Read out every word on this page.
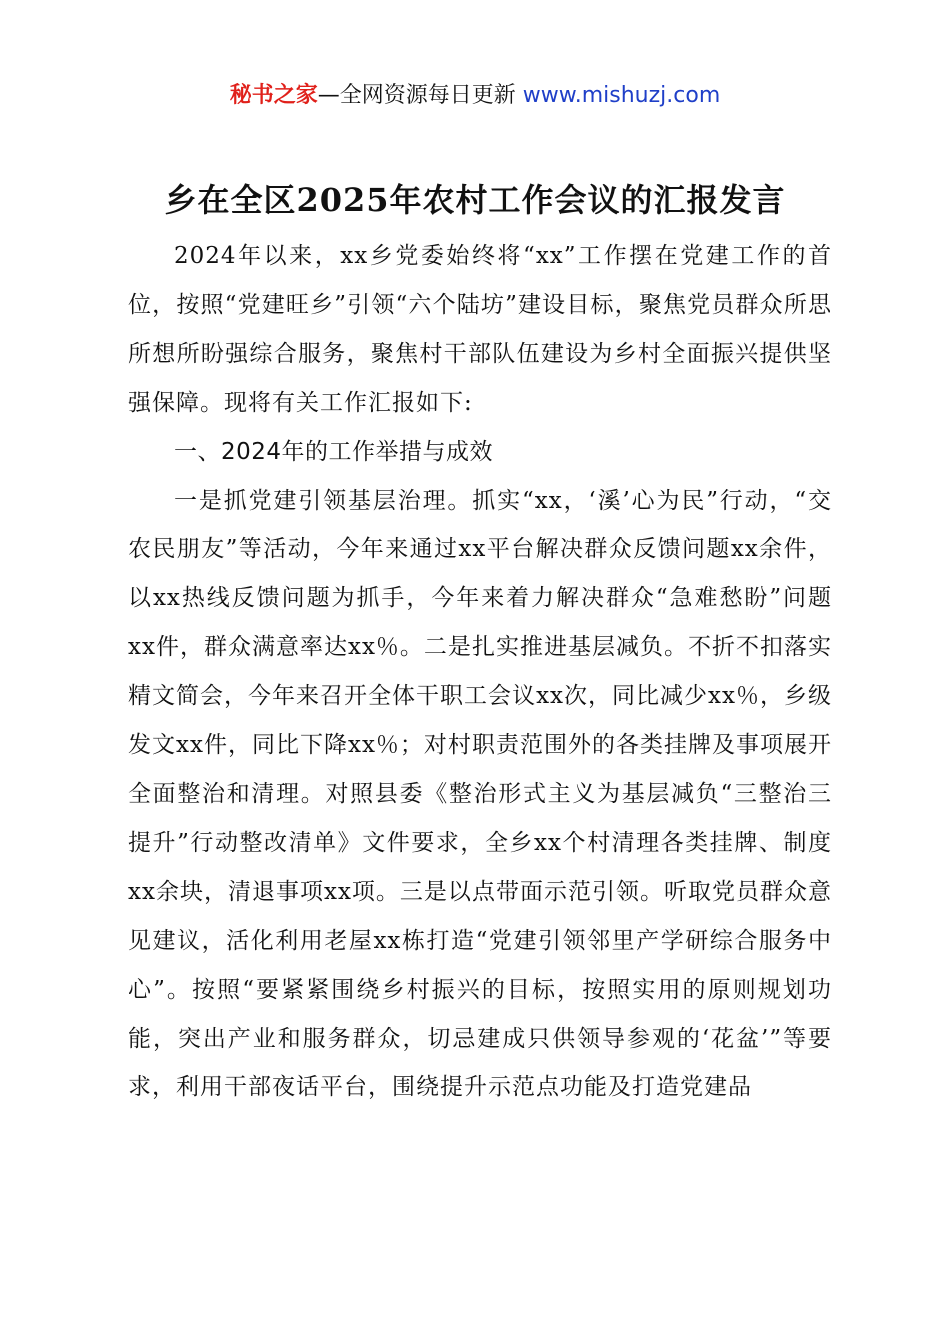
秘书之家—全网资源每日更新 www.mishuzj.com
乡在全区2025年农村工作会议的汇报发言

2024年以来，xx乡党委始终将“xx”工作摆在党建工作的首位，按照“党建旺乡”引领“六个陆坊”建设目标，聚焦党员群众所思所想所盼强综合服务，聚焦村干部队伍建设为乡村全面振兴提供坚强保障。现将有关工作汇报如下:

一、2024年的工作举措与成效

一是抓党建引领基层治理。抓实“xx，‘溪’心为民”行动，“交农民朋友”等活动，今年来通过xx平台解决群众反馈问题xx余件，以xx热线反馈问题为抓手，今年来着力解决群众“急难愁盼”问题xx件，群众满意率达xx％。二是扎实推进基层减负。不折不扣落实精文简会，今年来召开全体干职工会议xx次，同比减少xx％，乡级发文xx件，同比下降xx％；对村职责范围外的各类挂牌及事项展开全面整治和清理。对照县委《整治形式主义为基层减负“三整治三提升”行动整改清单》文件要求，全乡xx个村清理各类挂牌、制度xx余块，清退事项xx项。三是以点带面示范引领。听取党员群众意见建议，活化利用老屋xx栋打造“党建引领邻里产学研综合服务中心”。按照“要紧紧围绕乡村振兴的目标，按照实用的原则规划功能，突出产业和服务群众，切忌建成只供领导参观的‘花盆’”等要求，利用干部夜话平台，围绕提升示范点功能及打造党建品
